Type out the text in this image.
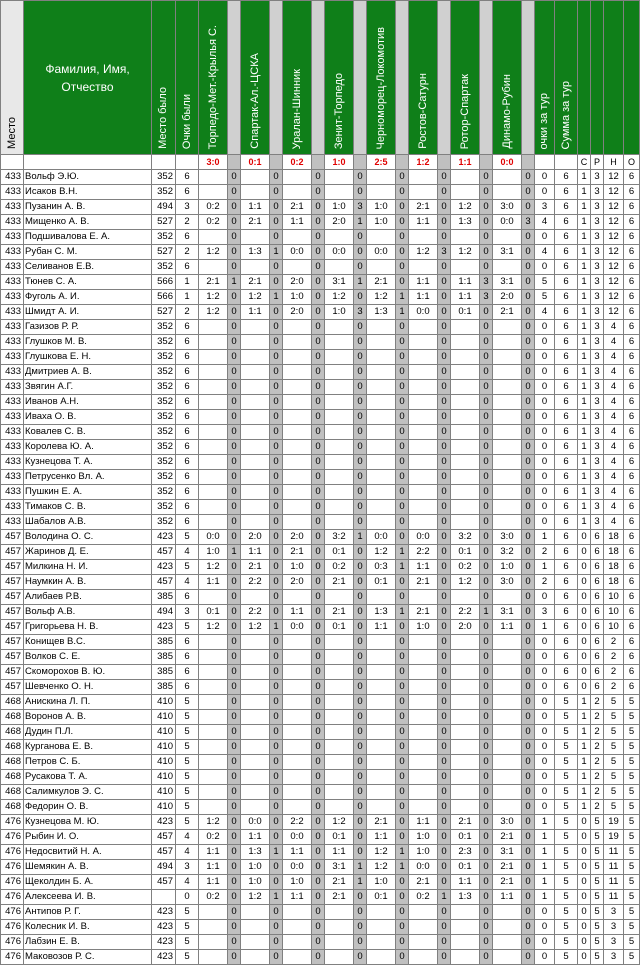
Место	Фамилия, Имя, Отчество	Место было	Очки были	Торпедо-Мет.-Крылья С.		Спартак-Ал.-ЦСКА		Уралан-Шинник		Зенит-Торпедо		Черноморец-Локомотив		Ростов-Сатурн		Ротор-Спартак		Динамо-Рубин		очки за тур	Сумма за тур				
				3:0		0:1		0:2		1:0		2:5		1:2		1:1		0:0				С	Р	Н	О
433	Вольф Э.Ю.	352	6		0		0		0		0		0		0		0		0	0	6	1	3	12	6
433	Исаков В.Н.	352	6		0		0		0		0		0		0		0		0	0	6	1	3	12	6
433	Пузанин А. В.	494	3	0:2	0	1:1	0	2:1	0	1:0	3	1:0	0	2:1	0	1:2	0	3:0	0	3	6	1	3	12	6
433	Мищенко А. В.	527	2	0:2	0	2:1	0	1:1	0	2:0	1	1:0	0	1:1	0	1:3	0	0:0	3	4	6	1	3	12	6
433	Подшивалова Е. А.	352	6		0		0		0		0		0		0		0		0	0	6	1	3	12	6
433	Рубан С. М.	527	2	1:2	0	1:3	1	0:0	0	0:0	0	0:0	0	1:2	3	1:2	0	3:1	0	4	6	1	3	12	6
433	Селиванов Е.В.	352	6		0		0		0		0		0		0		0		0	0	6	1	3	12	6
433	Тюнев С. А.	566	1	2:1	1	2:1	0	2:0	0	3:1	1	2:1	0	1:1	0	1:1	3	3:1	0	5	6	1	3	12	6
433	Фуголь А. И.	566	1	1:2	0	1:2	1	1:0	0	1:2	0	1:2	1	1:1	0	1:1	3	2:0	0	5	6	1	3	12	6
433	Шмидт А. И.	527	2	1:2	0	1:1	0	2:0	0	1:0	3	1:3	1	0:0	0	0:1	0	2:1	0	4	6	1	3	12	6
433	Газизов Р. Р.	352	6		0		0		0		0		0		0		0		0	0	6	1	3	4	6
433	Глушков М. В.	352	6		0		0		0		0		0		0		0		0	0	6	1	3	4	6
433	Глушкова Е. Н.	352	6		0		0		0		0		0		0		0		0	0	6	1	3	4	6
433	Дмитриев А. В.	352	6		0		0		0		0		0		0		0		0	0	6	1	3	4	6
433	Звягин А.Г.	352	6		0		0		0		0		0		0		0		0	0	6	1	3	4	6
433	Иванов А.Н.	352	6		0		0		0		0		0		0		0		0	0	6	1	3	4	6
433	Иваха О. В.	352	6		0		0		0		0		0		0		0		0	0	6	1	3	4	6
433	Ковалев С. В.	352	6		0		0		0		0		0		0		0		0	0	6	1	3	4	6
433	Королева Ю. А.	352	6		0		0		0		0		0		0		0		0	0	6	1	3	4	6
433	Кузнецова Т. А.	352	6		0		0		0		0		0		0		0		0	0	6	1	3	4	6
433	Петрусенко Вл. А.	352	6		0		0		0		0		0		0		0		0	0	6	1	3	4	6
433	Пушкин Е. А.	352	6		0		0		0		0		0		0		0		0	0	6	1	3	4	6
433	Тимаков С. В.	352	6		0		0		0		0		0		0		0		0	0	6	1	3	4	6
433	Шабалов А.В.	352	6		0		0		0		0		0		0		0		0	0	6	1	3	4	6
457	Володина О. С.	423	5	0:0	0	2:0	0	2:0	0	3:2	1	0:0	0	0:0	0	3:2	0	3:0	0	1	6	0	6	18	6
457	Жаринов Д. Е.	457	4	1:0	1	1:1	0	2:1	0	0:1	0	1:2	1	2:2	0	0:1	0	3:2	0	2	6	0	6	18	6
457	Милкина Н. И.	423	5	1:2	0	2:1	0	1:0	0	0:2	0	0:3	1	1:1	0	0:2	0	1:0	0	1	6	0	6	18	6
457	Наумкин А. В.	457	4	1:1	0	2:2	0	2:0	0	2:1	0	0:1	0	2:1	0	1:2	0	3:0	0	2	6	0	6	18	6
457	Алибаев Р.В.	385	6		0		0		0		0		0		0		0		0	0	6	0	6	10	6
457	Вольф А.В.	494	3	0:1	0	2:2	0	1:1	0	2:1	0	1:3	1	2:1	0	2:2	1	3:1	0	3	6	0	6	10	6
457	Григорьева Н. В.	423	5	1:2	0	1:2	1	0:0	0	0:1	0	1:1	0	1:0	0	2:0	0	1:1	0	1	6	0	6	10	6
457	Конищев В.С.	385	6		0		0		0		0		0		0		0		0	0	6	0	6	2	6
457	Волков С. Е.	385	6		0		0		0		0		0		0		0		0	0	6	0	6	2	6
457	Скоморохов В. Ю.	385	6		0		0		0		0		0		0		0		0	0	6	0	6	2	6
457	Шевченко О. Н.	385	6		0		0		0		0		0		0		0		0	0	6	0	6	2	6
468	Анискина Л. П.	410	5		0		0		0		0		0		0		0		0	0	5	1	2	5	5
468	Воронов А. В.	410	5		0		0		0		0		0		0		0		0	0	5	1	2	5	5
468	Дудин П.Л.	410	5		0		0		0		0		0		0		0		0	0	5	1	2	5	5
468	Курганова Е. В.	410	5		0		0		0		0		0		0		0		0	0	5	1	2	5	5
468	Петров С. Б.	410	5		0		0		0		0		0		0		0		0	0	5	1	2	5	5
468	Русакова Т. А.	410	5		0		0		0		0		0		0		0		0	0	5	1	2	5	5
468	Салимкулов Э. С.	410	5		0		0		0		0		0		0		0		0	0	5	1	2	5	5
468	Федорин О. В.	410	5		0		0		0		0		0		0		0		0	0	5	1	2	5	5
476	Кузнецова М. Ю.	423	5	1:2	0	0:0	0	2:2	0	1:2	0	2:1	0	1:1	0	2:1	0	3:0	0	1	5	0	5	19	5
476	Рыбин И. О.	457	4	0:2	0	1:1	0	0:0	0	0:1	0	1:1	0	1:0	0	0:1	0	2:1	0	1	5	0	5	19	5
476	Недосвитий Н. А.	457	4	1:1	0	1:3	1	1:1	0	1:1	0	1:2	1	1:0	0	2:3	0	3:1	0	1	5	0	5	11	5
476	Шемякин А. В.	494	3	1:1	0	1:0	0	0:0	0	3:1	1	1:2	1	0:0	0	0:1	0	2:1	0	1	5	0	5	11	5
476	Щеколдин Б. А.	457	4	1:1	0	1:0	0	1:0	0	2:1	1	1:0	0	2:1	0	1:1	0	2:1	0	1	5	0	5	11	5
476	Алексеева И. В.		0	0:2	0	1:2	1	1:1	0	2:1	0	0:1	0	0:2	1	1:3	0	1:1	0	1	5	0	5	11	5
476	Антипов Р. Г.	423	5		0		0		0		0		0		0		0		0	0	5	0	5	3	5
476	Колесник И. В.	423	5		0		0		0		0		0		0		0		0	0	5	0	5	3	5
476	Лабзин Е. В.	423	5		0		0		0		0		0		0		0		0	0	5	0	5	3	5
476	Маковозов Р. С.	423	5		0		0		0		0		0		0		0		0	0	5	0	5	3	5
